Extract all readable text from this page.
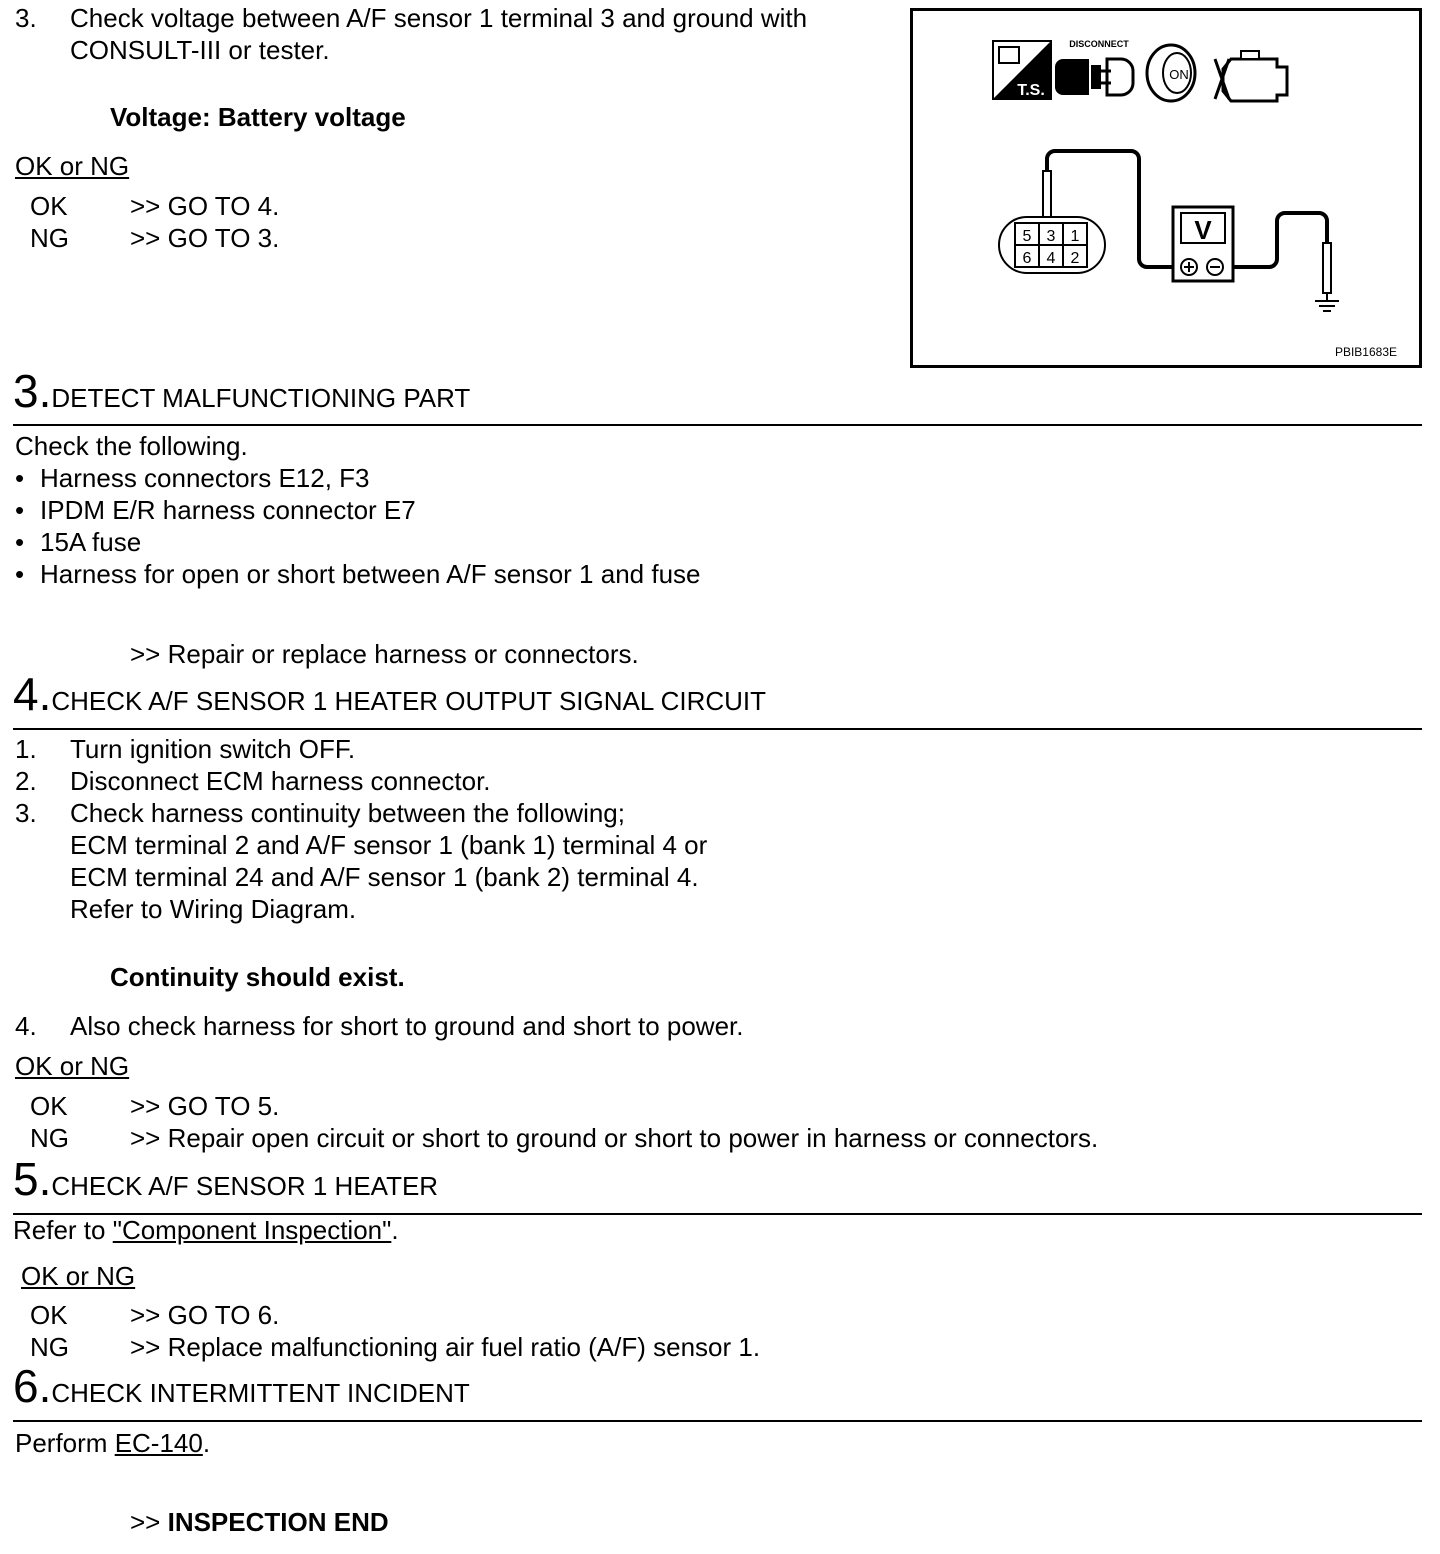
3. Check voltage between A/F sensor 1 terminal 3 and ground with
CONSULT-III or tester.
Voltage: Battery voltage
OK or NG
OK >> GO TO 4.
NG >> GO TO 3.
T.S.
DISCONNECT
ON
5 3 1
6 4 2
V
PBIB1683E
3.DETECT MALFUNCTIONING PART
Check the following.
• Harness connectors E12, F3
• IPDM E/R harness connector E7
• 15A fuse
• Harness for open or short between A/F sensor 1 and fuse
>> Repair or replace harness or connectors.
4.CHECK A/F SENSOR 1 HEATER OUTPUT SIGNAL CIRCUIT
1. Turn ignition switch OFF.
2. Disconnect ECM harness connector.
3. Check harness continuity between the following;
ECM terminal 2 and A/F sensor 1 (bank 1) terminal 4 or
ECM terminal 24 and A/F sensor 1 (bank 2) terminal 4.
Refer to Wiring Diagram.
Continuity should exist.
4. Also check harness for short to ground and short to power.
OK or NG
OK >> GO TO 5.
NG >> Repair open circuit or short to ground or short to power in harness or connectors.
5.CHECK A/F SENSOR 1 HEATER
Refer to "Component Inspection".
OK or NG
OK >> GO TO 6.
NG >> Replace malfunctioning air fuel ratio (A/F) sensor 1.
6.CHECK INTERMITTENT INCIDENT
Perform EC-140.
>> INSPECTION END
